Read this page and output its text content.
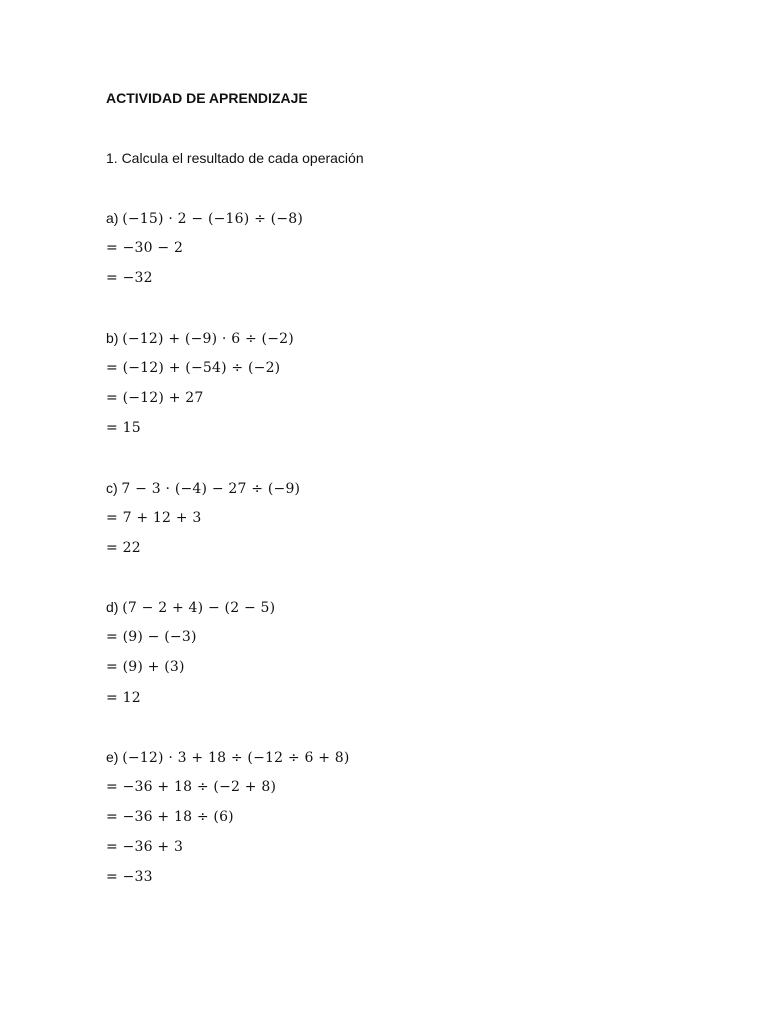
ACTIVIDAD DE APRENDIZAJE
1. Calcula el resultado de cada operación
a) (−15) · 2 − (−16) ÷ (−8)
= −30 − 2
= −32
b) (−12) + (−9) · 6 ÷ (−2)
= (−12) + (−54) ÷ (−2)
= (−12) + 27
= 15
c) 7 − 3 · (−4) − 27 ÷ (−9)
= 7 + 12 + 3
= 22
d) (7 − 2 + 4) − (2 − 5)
= (9) − (−3)
= (9) + (3)
= 12
e) (−12) · 3 + 18 ÷ (−12 ÷ 6 + 8)
= −36 + 18 ÷ (−2 + 8)
= −36 + 18 ÷ (6)
= −36 + 3
= −33
